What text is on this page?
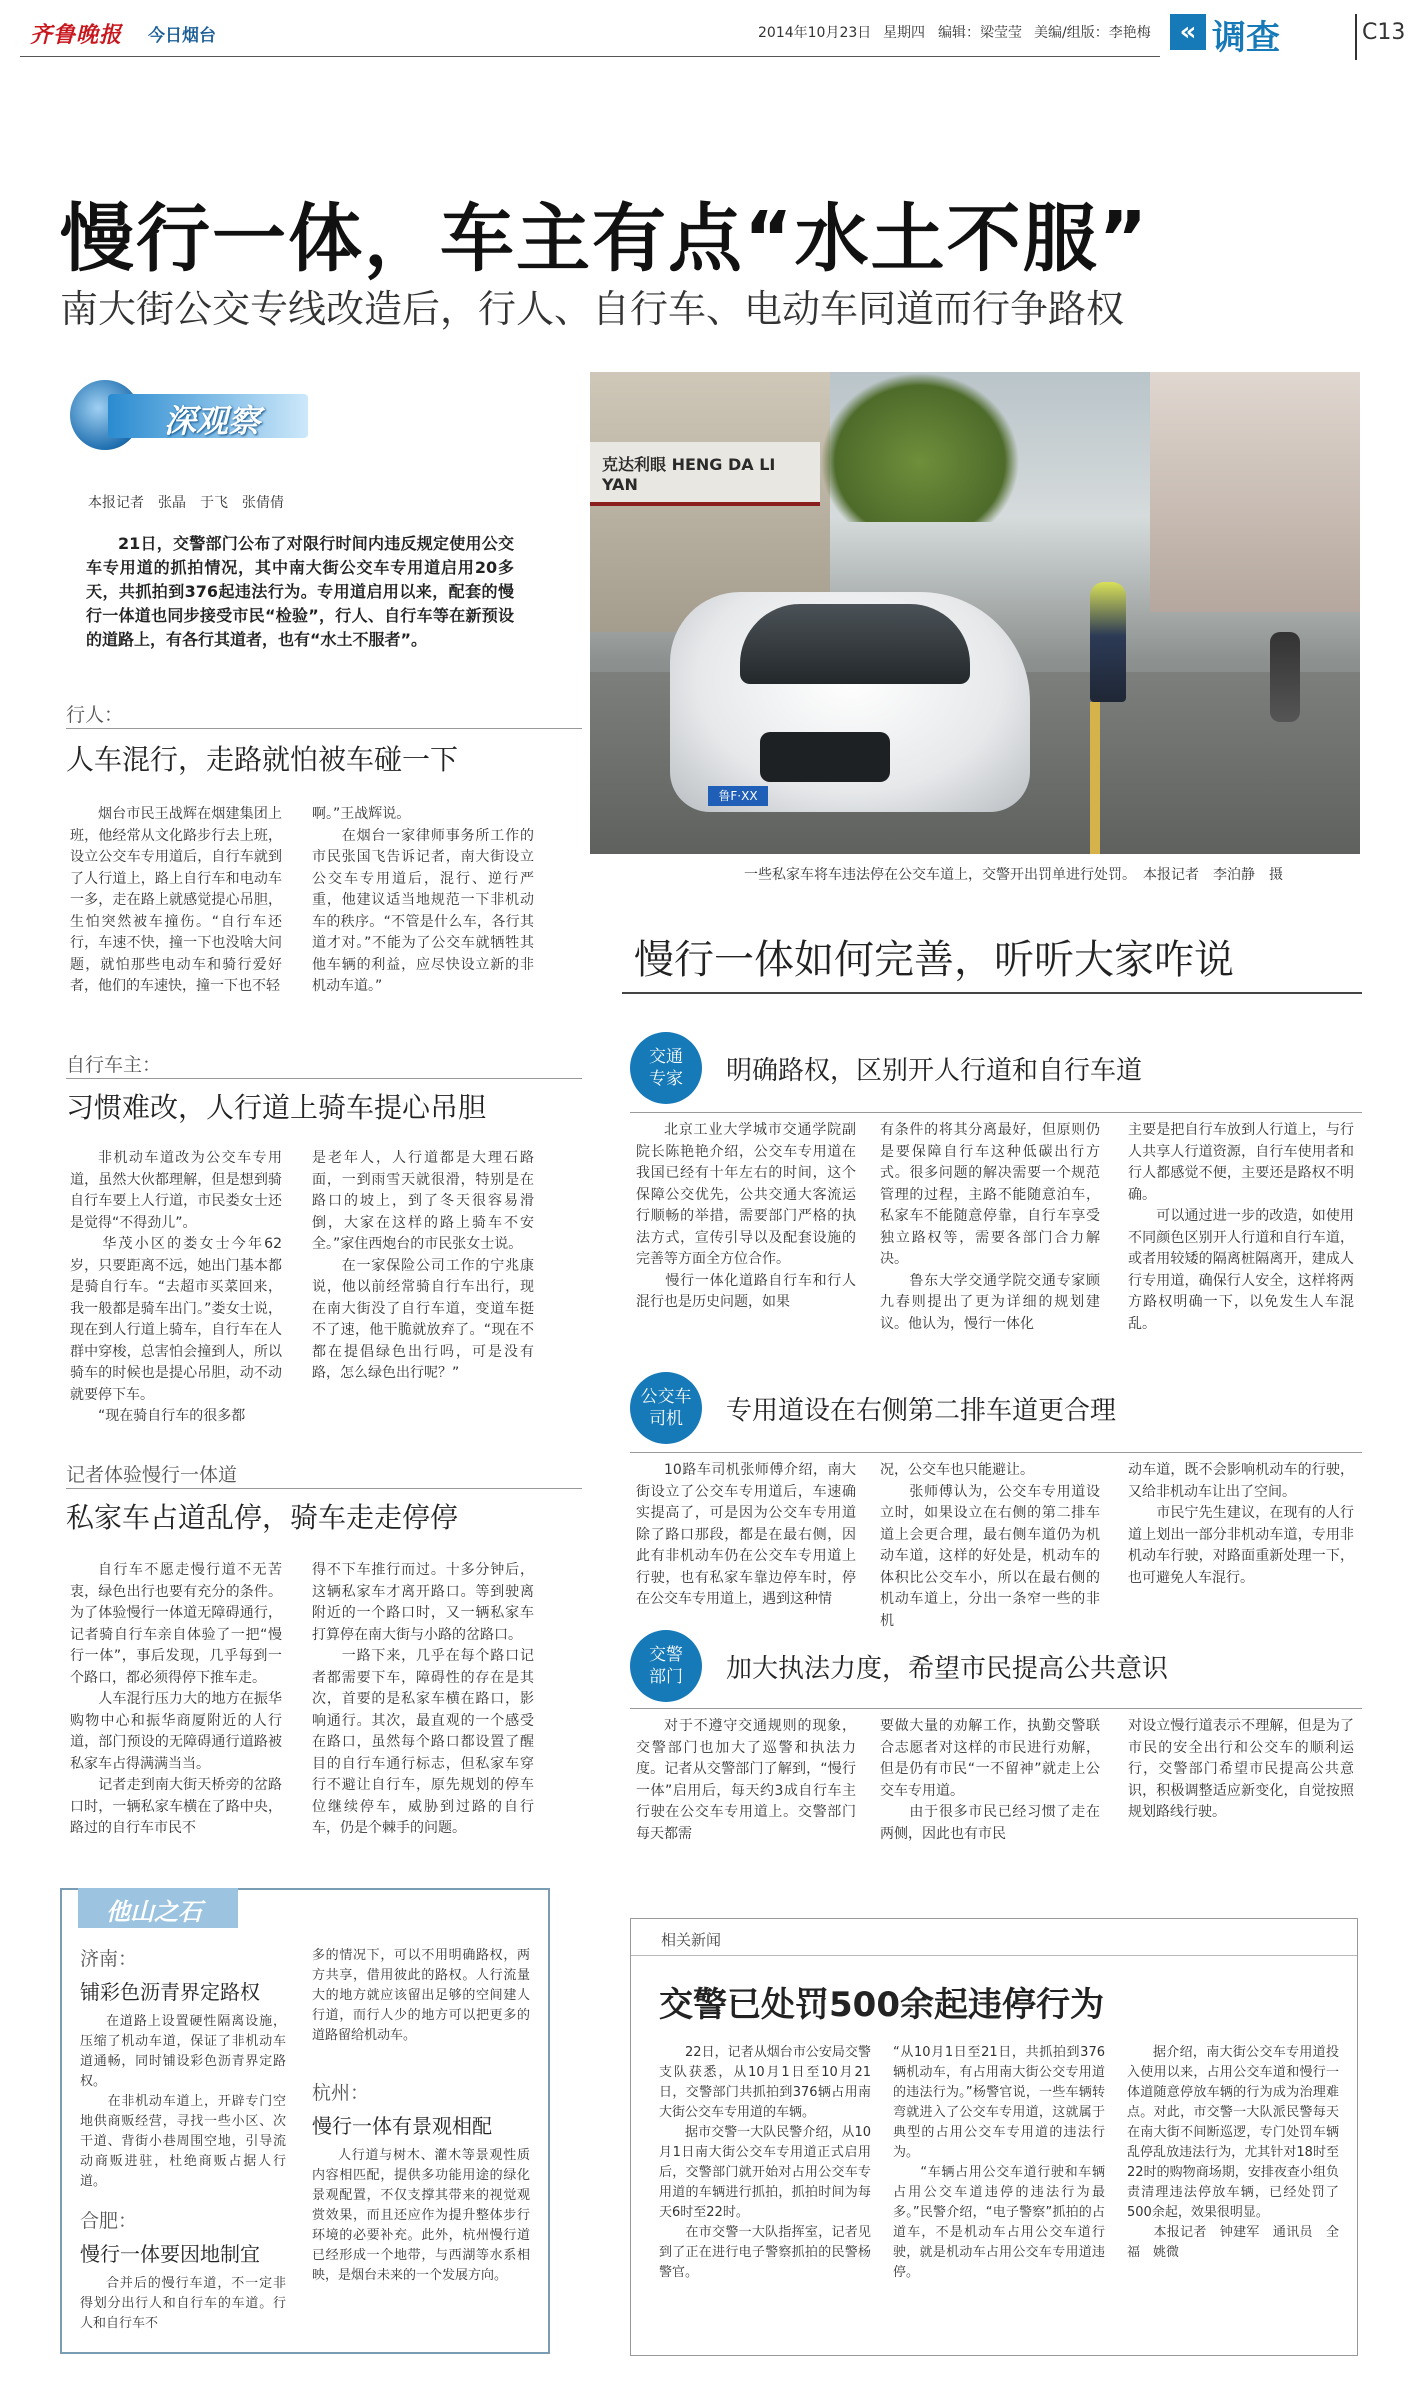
齐鲁晚报 今日烟台	2014年10月23日 星期四 编辑：梁莹莹 美编/组版：李艳梅	« 调查	C13
慢行一体，车主有点“水土不服”
南大街公交专线改造后，行人、自行车、电动车同道而行争路权
深观察
本报记者　张晶　于飞　张倩倩
21日，交警部门公布了对限行时间内违反规定使用公交车专用道的抓拍情况，其中南大街公交车专用道启用20多天，共抓拍到376起违法行为。专用道启用以来，配套的慢行一体道也同步接受市民“检验”，行人、自行车等在新预设的道路上，有各行其道者，也有“水土不服者”。
行人：
人车混行，走路就怕被车碰一下
烟台市民王战辉在烟建集团上班，他经常从文化路步行去上班，设立公交车专用道后，自行车就到了人行道上，路上自行车和电动车一多，走在路上就感觉提心吊胆，生怕突然被车撞伤。“自行车还行，车速不快，撞一下也没啥大问题，就怕那些电动车和骑行爱好者，他们的车速快，撞一下也不轻
啊。”王战辉说。
　　在烟台一家律师事务所工作的市民张国飞告诉记者，南大街设立公交车专用道后，混行、逆行严重，他建议适当地规范一下非机动车的秩序。“不管是什么车，各行其道才对。”不能为了公交车就牺牲其他车辆的利益，应尽快设立新的非机动车道。”
自行车主：
习惯难改，人行道上骑车提心吊胆
非机动车道改为公交车专用道，虽然大伙都理解，但是想到骑自行车要上人行道，市民娄女士还是觉得“不得劲儿”。
　　华茂小区的娄女士今年62岁，只要距离不远，她出门基本都是骑自行车。“去超市买菜回来，我一般都是骑车出门。”娄女士说，现在到人行道上骑车，自行车在人群中穿梭，总害怕会撞到人，所以骑车的时候也是提心吊胆，动不动就要停下车。
　　“现在骑自行车的很多都
是老年人，人行道都是大理石路面，一到雨雪天就很滑，特别是在路口的坡上，到了冬天很容易滑倒，大家在这样的路上骑车不安全。”家住西炮台的市民张女士说。
　　在一家保险公司工作的宁兆康说，他以前经常骑自行车出行，现在南大街没了自行车道，变道车挺不了速，他干脆就放弃了。“现在不都在提倡绿色出行吗，可是没有路，怎么绿色出行呢？”
记者体验慢行一体道
私家车占道乱停，骑车走走停停
自行车不愿走慢行道不无苦衷，绿色出行也要有充分的条件。为了体验慢行一体道无障碍通行，记者骑自行车亲自体验了一把“慢行一体”，事后发现，几乎每到一个路口，都必须得停下推车走。
　　人车混行压力大的地方在振华购物中心和振华商厦附近的人行道，部门预设的无障碍通行道路被私家车占得满满当当。
　　记者走到南大街天桥旁的岔路口时，一辆私家车横在了路中央，路过的自行车市民不
得不下车推行而过。十多分钟后，这辆私家车才离开路口。等到驶离附近的一个路口时，又一辆私家车打算停在南大街与小路的岔路口。
　　一路下来，几乎在每个路口记者都需要下车，障碍性的存在是其次，首要的是私家车横在路口，影响通行。其次，最直观的一个感受在路口，虽然每个路口都设置了醒目的自行车通行标志，但私家车穿行不避让自行车，原先规划的停车位继续停车，威胁到过路的自行车，仍是个棘手的问题。
他山之石
济南：
铺彩色沥青界定路权
在道路上设置硬性隔离设施，压缩了机动车道，保证了非机动车道通畅，同时铺设彩色沥青界定路权。
　　在非机动车道上，开辟专门空地供商贩经营，寻找一些小区、次干道、背街小巷周围空地，引导流动商贩进驻，杜绝商贩占据人行道。
合肥：
慢行一体要因地制宜
合并后的慢行车道，不一定非得划分出行人和自行车的车道。行人和自行车不
多的情况下，可以不用明确路权，两方共享，借用彼此的路权。人行流量大的地方就应该留出足够的空间建人行道，而行人少的地方可以把更多的道路留给机动车。
杭州：
慢行一体有景观相配
人行道与树木、灌木等景观性质内容相匹配，提供多功能用途的绿化景观配置，不仅支撑其带来的视觉观赏效果，而且还应作为提升整体步行环境的必要补充。此外，杭州慢行道已经形成一个地带，与西湖等水系相映，是烟台未来的一个发展方向。
克达利眼 HENG DA LI YAN
鲁F·XX
一些私家车将车违法停在公交车道上，交警开出罚单进行处罚。　本报记者　李泊静　摄
慢行一体如何完善，听听大家咋说
交通
专家 明确路权，区别开人行道和自行车道
北京工业大学城市交通学院副院长陈艳艳介绍，公交车专用道在我国已经有十年左右的时间，这个保障公交优先，公共交通大客流运行顺畅的举措，需要部门严格的执法方式，宣传引导以及配套设施的完善等方面全方位合作。
　　慢行一体化道路自行车和行人混行也是历史问题，如果
有条件的将其分离最好，但原则仍是要保障自行车这种低碳出行方式。很多问题的解决需要一个规范管理的过程，主路不能随意泊车，私家车不能随意停靠，自行车享受独立路权等，需要各部门合力解决。
　　鲁东大学交通学院交通专家顾九春则提出了更为详细的规划建议。他认为，慢行一体化
主要是把自行车放到人行道上，与行人共享人行道资源，自行车使用者和行人都感觉不便，主要还是路权不明确。
　　可以通过进一步的改造，如使用不同颜色区别开人行道和自行车道，或者用较矮的隔离桩隔离开，建成人行专用道，确保行人安全，这样将两方路权明确一下，以免发生人车混乱。
公交车
司机 专用道设在右侧第二排车道更合理
10路车司机张师傅介绍，南大街设立了公交车专用道后，车速确实提高了，可是因为公交车专用道除了路口那段，都是在最右侧，因此有非机动车仍在公交车专用道上行驶，也有私家车靠边停车时，停在公交车专用道上，遇到这种情
况，公交车也只能避让。
　　张师傅认为，公交车专用道设立时，如果设立在右侧的第二排车道上会更合理，最右侧车道仍为机动车道，这样的好处是，机动车的体积比公交车小，所以在最右侧的机动车道上，分出一条窄一些的非机
动车道，既不会影响机动车的行驶，又给非机动车让出了空间。
　　市民宁先生建议，在现有的人行道上划出一部分非机动车道，专用非机动车行驶，对路面重新处理一下，也可避免人车混行。
交警
部门 加大执法力度，希望市民提高公共意识
对于不遵守交通规则的现象，交警部门也加大了巡警和执法力度。记者从交警部门了解到，“慢行一体”启用后，每天约3成自行车主行驶在公交车专用道上。交警部门每天都需
要做大量的劝解工作，执勤交警联合志愿者对这样的市民进行劝解，但是仍有市民“一不留神”就走上公交车专用道。
　　由于很多市民已经习惯了走在两侧，因此也有市民
对设立慢行道表示不理解，但是为了市民的安全出行和公交车的顺利运行，交警部门希望市民提高公共意识，积极调整适应新变化，自觉按照规划路线行驶。
相关新闻
交警已处罚500余起违停行为
22日，记者从烟台市公安局交警支队获悉，从10月1日至10月21日，交警部门共抓拍到376辆占用南大街公交车专用道的车辆。
　　据市交警一大队民警介绍，从10月1日南大街公交车专用道正式启用后，交警部门就开始对占用公交车专用道的车辆进行抓拍，抓拍时间为每天6时至22时。
　　在市交警一大队指挥室，记者见到了正在进行电子警察抓拍的民警杨警官。
“从10月1日至21日，共抓拍到376辆机动车，有占用南大街公交专用道的违法行为。”杨警官说，一些车辆转弯就进入了公交车专用道，这就属于典型的占用公交车专用道的违法行为。
　　“车辆占用公交车道行驶和车辆占用公交车道违停的违法行为最多。”民警介绍，“电子警察”抓拍的占道车，不是机动车占用公交车道行驶，就是机动车占用公交车专用道违停。
据介绍，南大街公交车专用道投入使用以来，占用公交车道和慢行一体道随意停放车辆的行为成为治理难点。对此，市交警一大队派民警每天在南大街不间断巡逻，专门处罚车辆乱停乱放违法行为，尤其针对18时至22时的购物商场期，安排夜查小组负责清理违法停放车辆，已经处罚了500余起，效果很明显。
　　本报记者　钟建军　通讯员　全福　姚微
